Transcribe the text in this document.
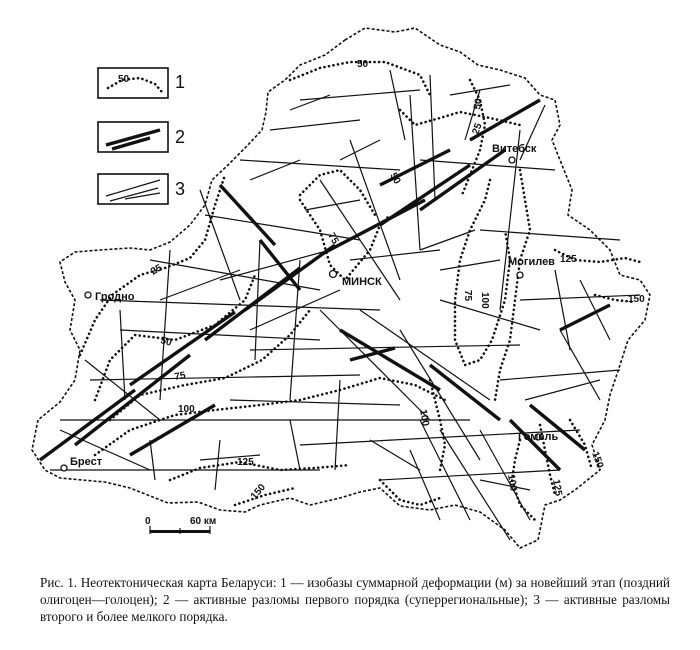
Витебск
МИНСК
Могилев
Гродно
Гомель
Брест
50
25
50
50
75
100
125
25
50
75
100	100
125
150	100	125
150
75	150
50	1
2
3
0	60 км
Рис. 1. Неотектоническая карта Беларуси: 1 — изобазы суммарной деформации (м) за новейший этап (поздний олигоцен—голоцен); 2 — активные разломы первого порядка (суперрегиональные); 3 — активные разломы второго и более мелкого порядка.
